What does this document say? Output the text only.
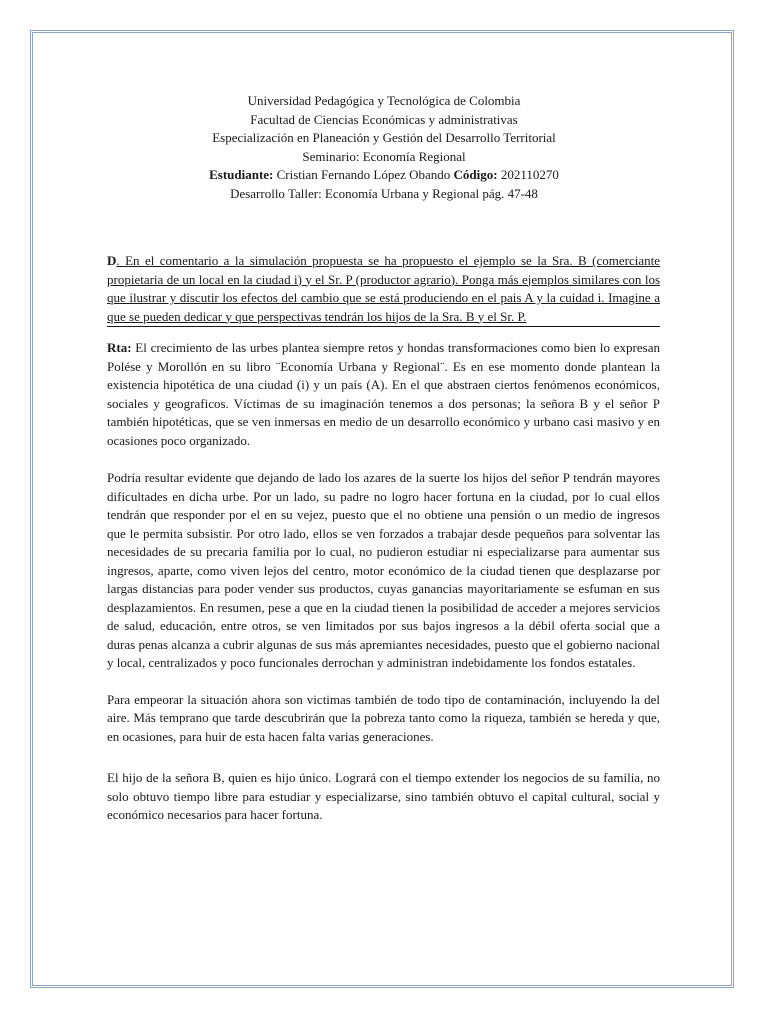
Universidad Pedagógica y Tecnológica de Colombia
Facultad de Ciencias Económicas y administrativas
Especialización en Planeación y Gestión del Desarrollo Territorial
Seminario: Economía Regional
Estudiante: Cristian Fernando López Obando Código: 202110270
Desarrollo Taller: Economía Urbana y Regional pág. 47-48

D. En el comentario a la simulación propuesta se ha propuesto el ejemplo se la Sra. B (comerciante propietaria de un local en la ciudad i) y el Sr. P (productor agrario). Ponga más ejemplos similares con los que ilustrar y discutir los efectos del cambio que se está produciendo en el pais A y la cuidad i. Imagine a que se pueden dedicar y que perspectivas tendrán los hijos de la Sra. B y el Sr. P.

Rta: El crecimiento de las urbes plantea siempre retos y hondas transformaciones como bien lo expresan Polése y Morollón en su libro ¨Economía Urbana y Regional¨. Es en ese momento donde plantean la existencia hipotética de una ciudad (i) y un país (A). En el que abstraen ciertos fenómenos económicos, sociales y geograficos. Víctimas de su imaginación tenemos a dos personas; la señora B y el señor P también hipotéticas, que se ven inmersas en medio de un desarrollo económico y urbano casi masivo y en ocasiones poco organizado.

Podría resultar evidente que dejando de lado los azares de la suerte los hijos del señor P tendrán mayores dificultades en dicha urbe. Por un lado, su padre no logro hacer fortuna en la ciudad, por lo cual ellos tendrán que responder por el en su vejez, puesto que el no obtiene una pensión o un medio de ingresos que le permita subsistir. Por otro lado, ellos se ven forzados a trabajar desde pequeños para solventar las necesidades de su precaria familia por lo cual, no pudieron estudiar ni especializarse para aumentar sus ingresos, aparte, como viven lejos del centro, motor económico de la ciudad tienen que desplazarse por largas distancias para poder vender sus productos, cuyas ganancias mayoritariamente se esfuman en sus desplazamientos. En resumen, pese a que en la ciudad tienen la posibilidad de acceder a mejores servicios de salud, educación, entre otros, se ven limitados por sus bajos ingresos a la débil oferta social que a duras penas alcanza a cubrir algunas de sus más apremiantes necesidades, puesto que el gobierno nacional y local, centralizados y poco funcionales derrochan y administran indebidamente los fondos estatales.

Para empeorar la situación ahora son victimas también de todo tipo de contaminación, incluyendo la del aire. Más temprano que tarde descubrirán que la pobreza tanto como la riqueza, también se hereda y que, en ocasiones, para huir de esta hacen falta varias generaciones.

El hijo de la señora B, quien es hijo único. Logrará con el tiempo extender los negocios de su familia, no solo obtuvo tiempo libre para estudiar y especializarse, sino también obtuvo el capital cultural, social y económico necesarios para hacer fortuna.
